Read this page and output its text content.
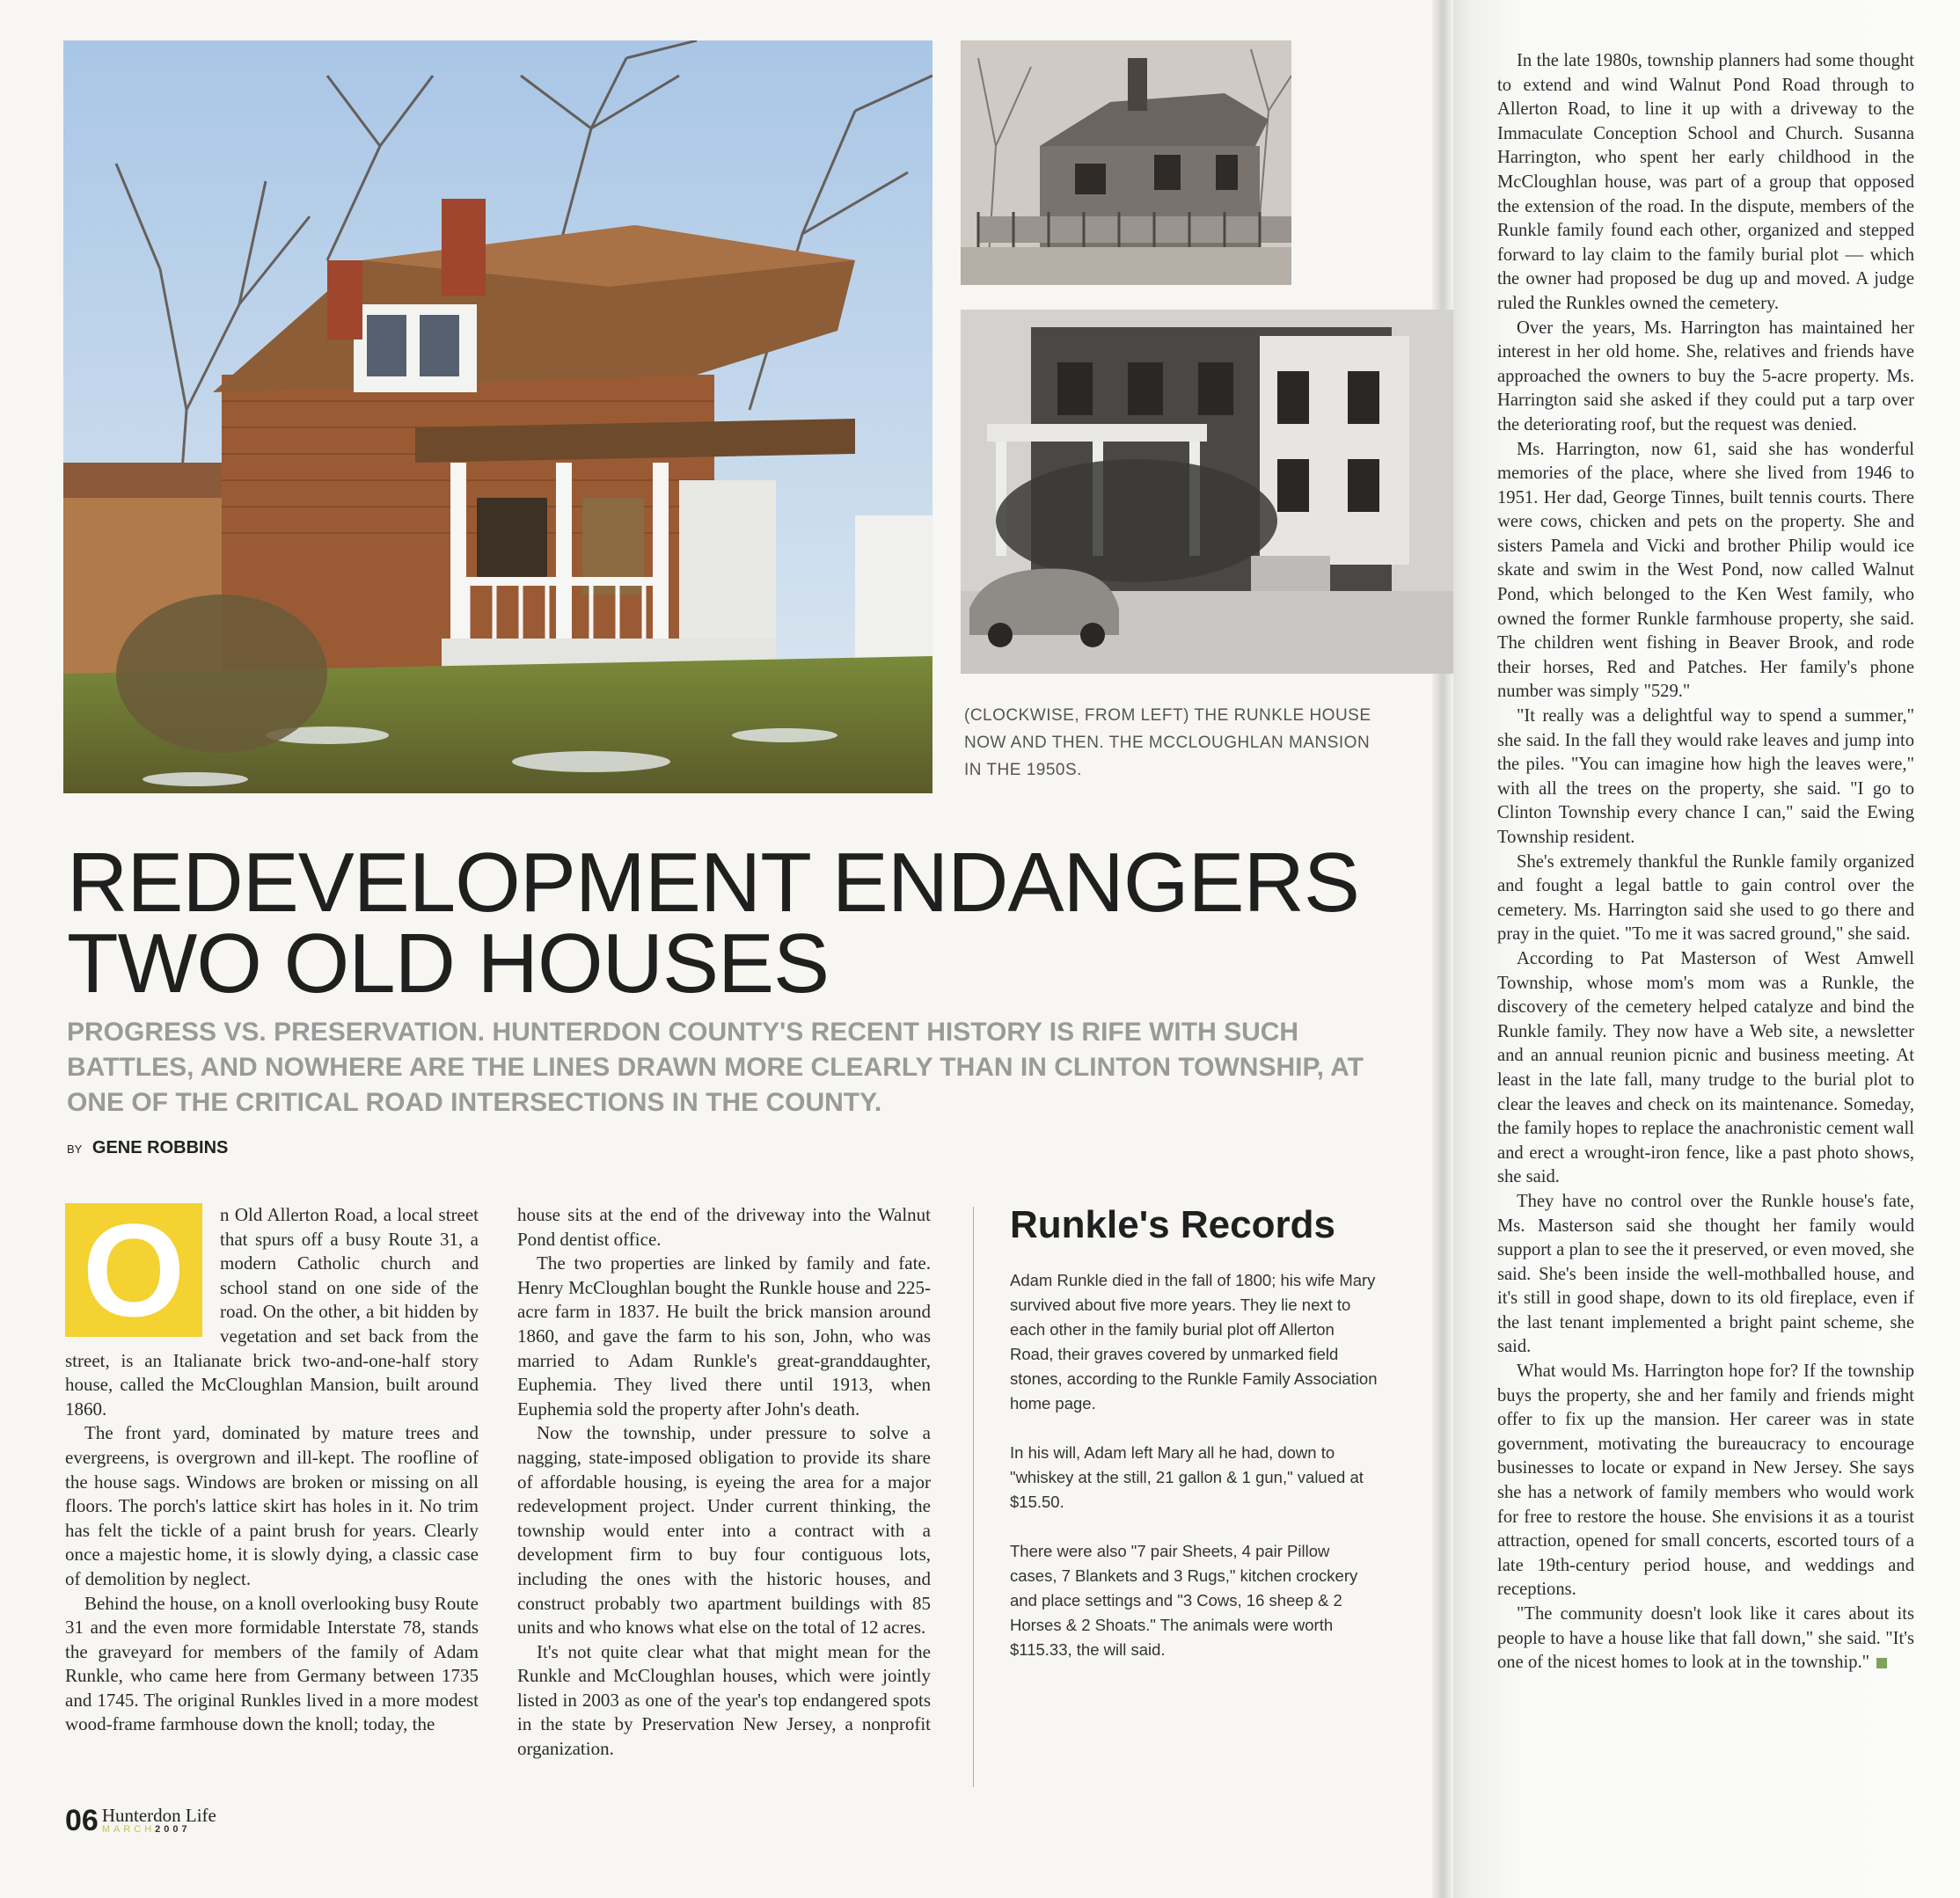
(CLOCKWISE, FROM LEFT) THE RUNKLE HOUSE NOW AND THEN. THE MCCLOUGHLAN MANSION IN THE 1950S.
REDEVELOPMENT ENDANGERS
TWO OLD HOUSES
PROGRESS VS. PRESERVATION. HUNTERDON COUNTY'S RECENT HISTORY IS RIFE WITH SUCH BATTLES, AND NOWHERE ARE THE LINES DRAWN MORE CLEARLY THAN IN CLINTON TOWNSHIP, AT ONE OF THE CRITICAL ROAD INTERSECTIONS IN THE COUNTY.
BY GENE ROBBINS
O	n Old Allerton Road, a local street that spurs off a busy Route 31, a modern Catholic church and school stand on one side of the road. On the other, a bit hidden by vegetation and set back from the street, is an Italianate brick two-and-one-half story house, called the McCloughlan Mansion, built around 1860.

The front yard, dominated by mature trees and evergreens, is overgrown and ill-kept. The roofline of the house sags. Windows are broken or missing on all floors. The porch's lattice skirt has holes in it. No trim has felt the tickle of a paint brush for years. Clearly once a majestic home, it is slowly dying, a classic case of demolition by neglect.

Behind the house, on a knoll overlooking busy Route 31 and the even more formidable Interstate 78, stands the graveyard for members of the family of Adam Runkle, who came here from Germany between 1735 and 1745. The original Runkles lived in a more modest wood-frame farmhouse down the knoll; today, the

house sits at the end of the driveway into the Walnut Pond dentist office.

The two properties are linked by family and fate. Henry McCloughlan bought the Runkle house and 225-acre farm in 1837. He built the brick mansion around 1860, and gave the farm to his son, John, who was married to Adam Runkle's great-granddaughter, Euphemia. They lived there until 1913, when Euphemia sold the property after John's death.

Now the township, under pressure to solve a nagging, state-imposed obligation to provide its share of affordable housing, is eyeing the area for a major redevelopment project. Under current thinking, the township would enter into a contract with a development firm to buy four contiguous lots, including the ones with the historic houses, and construct probably two apartment buildings with 85 units and who knows what else on the total of 12 acres.

It's not quite clear what that might mean for the Runkle and McCloughlan houses, which were jointly listed in 2003 as one of the year's top endangered spots in the state by Preservation New Jersey, a nonprofit organization.

Runkle's Records

Adam Runkle died in the fall of 1800; his wife Mary survived about five more years. They lie next to each other in the family burial plot off Allerton Road, their graves covered by unmarked field stones, according to the Runkle Family Association home page.

In his will, Adam left Mary all he had, down to "whiskey at the still, 21 gallon & 1 gun," valued at $15.50.

There were also "7 pair Sheets, 4 pair Pillow cases, 7 Blankets and 3 Rugs," kitchen crockery and place settings and "3 Cows, 16 sheep & 2 Horses & 2 Shoats." The animals were worth $115.33, the will said.

In the late 1980s, township planners had some thought to extend and wind Walnut Pond Road through to Allerton Road, to line it up with a driveway to the Immaculate Conception School and Church. Susanna Harrington, who spent her early childhood in the McCloughlan house, was part of a group that opposed the extension of the road. In the dispute, members of the Runkle family found each other, organized and stepped forward to lay claim to the family burial plot — which the owner had proposed be dug up and moved. A judge ruled the Runkles owned the cemetery.

Over the years, Ms. Harrington has maintained her interest in her old home. She, relatives and friends have approached the owners to buy the 5-acre property. Ms. Harrington said she asked if they could put a tarp over the deteriorating roof, but the request was denied.

Ms. Harrington, now 61, said she has wonderful memories of the place, where she lived from 1946 to 1951. Her dad, George Tinnes, built tennis courts. There were cows, chicken and pets on the property. She and sisters Pamela and Vicki and brother Philip would ice skate and swim in the West Pond, now called Walnut Pond, which belonged to the Ken West family, who owned the former Runkle farmhouse property, she said. The children went fishing in Beaver Brook, and rode their horses, Red and Patches. Her family's phone number was simply "529."

"It really was a delightful way to spend a summer," she said. In the fall they would rake leaves and jump into the piles. "You can imagine how high the leaves were," with all the trees on the property, she said. "I go to Clinton Township every chance I can," said the Ewing Township resident.

She's extremely thankful the Runkle family organized and fought a legal battle to gain control over the cemetery. Ms. Harrington said she used to go there and pray in the quiet. "To me it was sacred ground," she said.

According to Pat Masterson of West Amwell Township, whose mom's mom was a Runkle, the discovery of the cemetery helped catalyze and bind the Runkle family. They now have a Web site, a newsletter and an annual reunion picnic and business meeting. At least in the late fall, many trudge to the burial plot to clear the leaves and check on its maintenance. Someday, the family hopes to replace the anachronistic cement wall and erect a wrought-iron fence, like a past photo shows, she said.

They have no control over the Runkle house's fate, Ms. Masterson said she thought her family would support a plan to see the it preserved, or even moved, she said. She's been inside the well-mothballed house, and it's still in good shape, down to its old fireplace, even if the last tenant implemented a bright paint scheme, she said.

What would Ms. Harrington hope for? If the township buys the property, she and her family and friends might offer to fix up the mansion. Her career was in state government, motivating the bureaucracy to encourage businesses to locate or expand in New Jersey. She says she has a network of family members who would work for free to restore the house. She envisions it as a tourist attraction, opened for small concerts, escorted tours of a late 19th-century period house, and weddings and receptions.

"The community doesn't look like it cares about its people to have a house like that fall down," she said. "It's one of the nicest homes to look at in the township."

06 Hunterdon Life
MARCH2007
